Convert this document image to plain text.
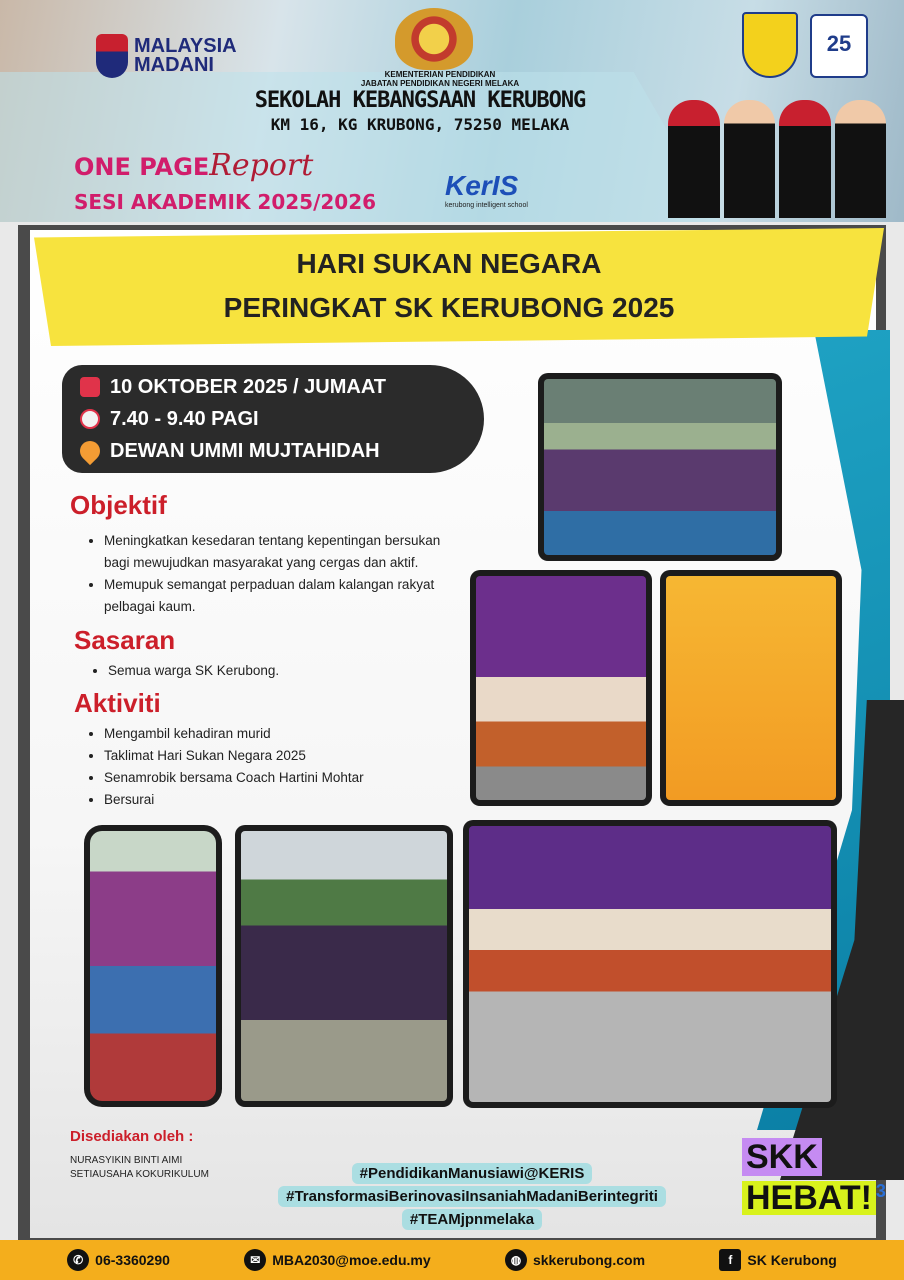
MALAYSIA
MADANI	KEMENTERIAN PENDIDIKAN
JABATAN PENDIDIKAN NEGERI MELAKA
SEKOLAH KEBANGSAAN KERUBONG
KM 16, KG KRUBONG, 75250 MELAKA
ONE PAGEReport
SESI AKADEMIK 2025/2026
KerIS
kerubong intelligent school
25
HARI SUKAN NEGARA
PERINGKAT SK KERUBONG 2025
10 OKTOBER 2025 / JUMAAT
7.40 - 9.40 PAGI
DEWAN UMMI MUJTAHIDAH
Objektif
• Meningkatkan kesedaran tentang kepentingan bersukan bagi mewujudkan masyarakat yang cergas dan aktif.
• Memupuk semangat perpaduan dalam kalangan rakyat pelbagai kaum.
Sasaran
• Semua warga SK Kerubong.
Aktiviti
• Mengambil kehadiran murid
• Taklimat Hari Sukan Negara 2025
• Senamrobik bersama Coach Hartini Mohtar
• Bersurai
Disediakan oleh :
NURASYIKIN BINTI AIMI
SETIAUSAHA KOKURIKULUM	#PendidikanManusiawi@KERIS
#TransformasiBerinovasiInsaniahMadaniBerintegriti
#TEAMjpnmelaka
SKK
HEBAT! $^3$
✆ 06-3360290	✉ MBA2030@moe.edu.my	◍ skkerubong.com	f	SK Kerubong
